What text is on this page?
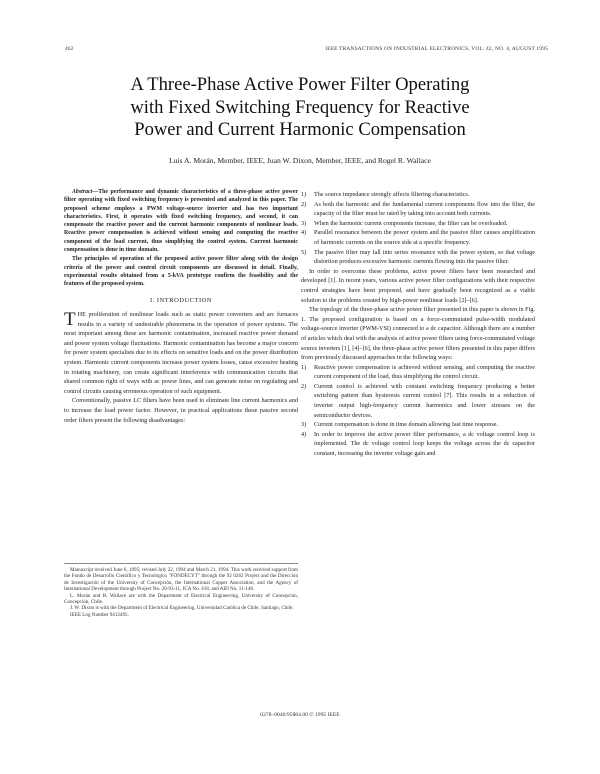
462	IEEE TRANSACTIONS ON INDUSTRIAL ELECTRONICS, VOL. 42, NO. 4, AUGUST 1995
A Three-Phase Active Power Filter Operating
with Fixed Switching Frequency for Reactive
Power and Current Harmonic Compensation
Luis A. Morán, Member, IEEE, Juan W. Dixon, Member, IEEE, and Rogel R. Wallace

Abstract—The performance and dynamic characteristics of a three-phase active power filter operating with fixed switching frequency is presented and analyzed in this paper. The proposed scheme employs a PWM voltage-source inverter and has two important characteristics. First, it operates with fixed switching frequency, and second, it can compensate the reactive power and the current harmonic components of nonlinear loads. Reactive power compensation is achieved without sensing and computing the reactive component of the load current, thus simplifying the control system. Current harmonic compensation is done in time domain.

The principles of operation of the proposed active power filter along with the design criteria of the power and control circuit components are discussed in detail. Finally, experimental results obtained from a 5-kVA prototype confirm the feasibility and the features of the proposed system.

I. INTRODUCTION

THE proliferation of nonlinear loads such as static power converters and arc furnaces results in a variety of undesirable phenomena in the operation of power systems. The most important among these are harmonic contamination, increased reactive power demand and power system voltage fluctuations. Harmonic contamination has become a major concern for power system specialists due to its effects on sensitive loads and on the power distribution system. Harmonic current components increase power system losses, cause excessive heating in rotating machinery, can create significant interference with communication circuits that shared common right of ways with ac power lines, and can generate noise on regulating and control circuits causing erroneous operation of such equipment.

Conventionally, passive LC filters have been used to eliminate line current harmonics and to increase the load power factor. However, in practical applications these passive second order filters present the following disadvantages:

Manuscript received June 6, 1995; revised July 22, 1994 and March 21, 1994. This work received support from the Fondo de Desarrollo Científico y Tecnológico "FONDECYT" through the 92 0262 Project and the Dirección de Investigación of the University of Concepción, the International Copper Association, and the Agency of International Development through Project No. 20-93-11, ICA No. 418, and AID No. 11-146.

L. Morán and R. Wallace are with the Department of Electrical Engineering, University of Concepción, Concepción, Chile.

J. W. Dixon is with the Department of Electrical Engineering, Universidad Católica de Chile, Santiago, Chile.

IEEE Log Number 9412495.

1) The source impedance strongly affects filtering characteristics.
2) As both the harmonic and the fundamental current components flow into the filter, the capacity of the filter must be rated by taking into account both currents.
3) When the harmonic current components increase, the filter can be overloaded.
4) Parallel resonance between the power system and the passive filter causes amplification of harmonic currents on the source side at a specific frequency.
5) The passive filter may fall into series resonance with the power system, so that voltage distortion produces excessive harmonic currents flowing into the passive filter.

In order to overcome these problems, active power filters have been researched and developed [1]. In recent years, various active power filter configurations with their respective control strategies have been proposed, and have gradually been recognized as a viable solution to the problems created by high-power nonlinear loads [2]–[6].

The topology of the three-phase active power filter presented in this paper is shown in Fig. 1. The proposed configuration is based on a force-commutated pulse-width modulated voltage-source inverter (PWM-VSI) connected to a dc capacitor. Although there are a number of articles which deal with the analysis of active power filters using force-commutated voltage source inverters [1], [4]–[6], the three-phase active power filters presented in this paper differs from previously discussed approaches in the following ways:

1) Reactive power compensation is achieved without sensing, and computing the reactive current component of the load, thus simplifying the control circuit.
2) Current control is achieved with constant switching frequency producing a better switching pattern than hysteresis current control [7]. This results in a reduction of inverter output high-frequency current harmonics and lower stresses on the semiconductor devices.
3) Current compensation is done in time domain allowing fast time response.
4) In order to improve the active power filter performance, a dc voltage control loop is implemented. The dc voltage control loop keeps the voltage across the dc capacitor constant, increasing the inverter voltage gain and
0278–0046/95$04.00 © 1995 IEEE
